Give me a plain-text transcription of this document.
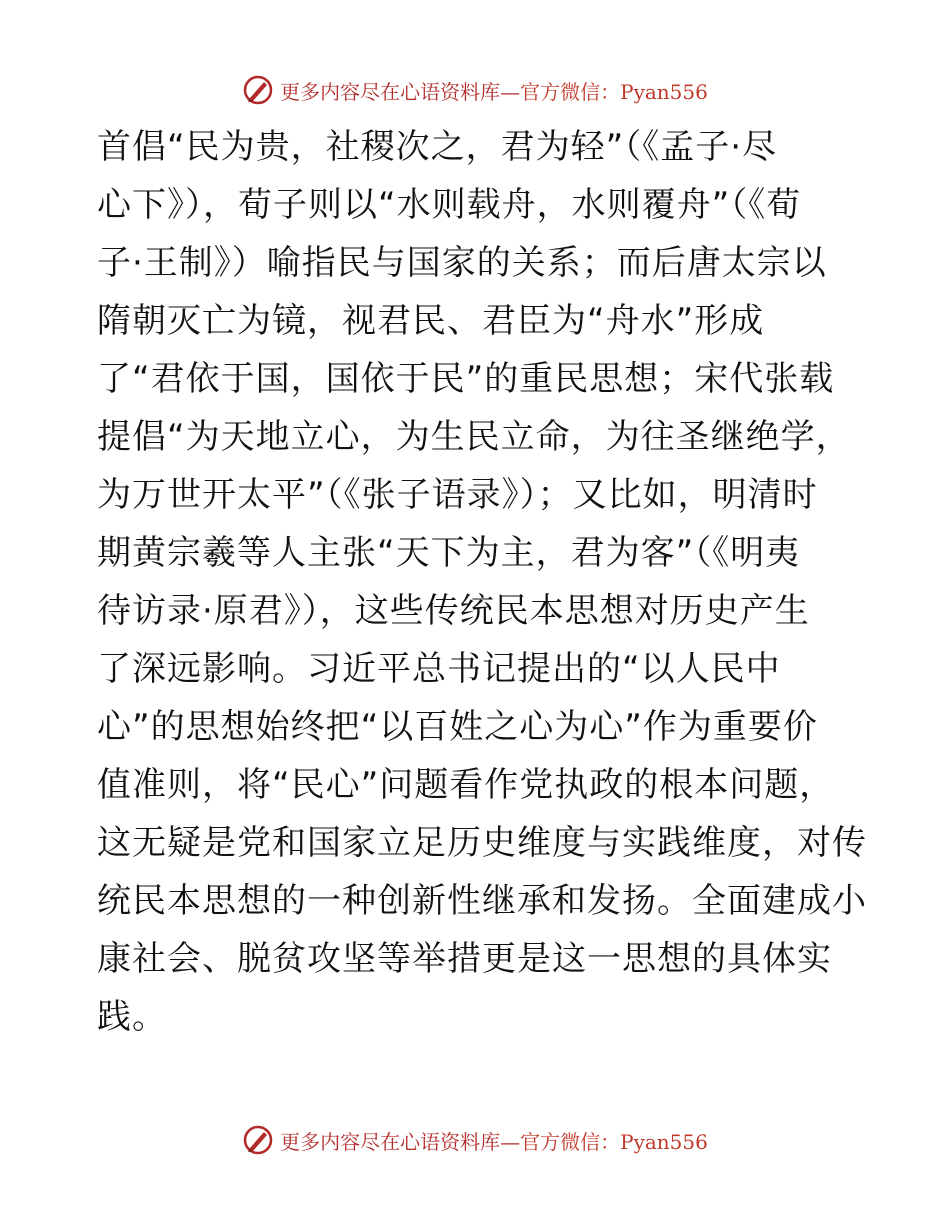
更多内容尽在心语资料库—官方微信：Pyan556
首倡“民为贵，社稷次之，君为轻”（《孟子·尽
心下》），荀子则以“水则载舟，水则覆舟”（《荀
子·王制》）喻指民与国家的关系；而后唐太宗以
隋朝灭亡为镜，视君民、君臣为“舟水”形成
了“君依于国，国依于民”的重民思想；宋代张载
提倡“为天地立心，为生民立命，为往圣继绝学，
为万世开太平”（《张子语录》）；又比如，明清时
期黄宗羲等人主张“天下为主，君为客”（《明夷
待访录·原君》），这些传统民本思想对历史产生
了深远影响。习近平总书记提出的“以人民中
心”的思想始终把“以百姓之心为心”作为重要价
值准则，将“民心”问题看作党执政的根本问题，
这无疑是党和国家立足历史维度与实践维度，对传
统民本思想的一种创新性继承和发扬。全面建成小
康社会、脱贫攻坚等举措更是这一思想的具体实
践。
更多内容尽在心语资料库—官方微信：Pyan556
